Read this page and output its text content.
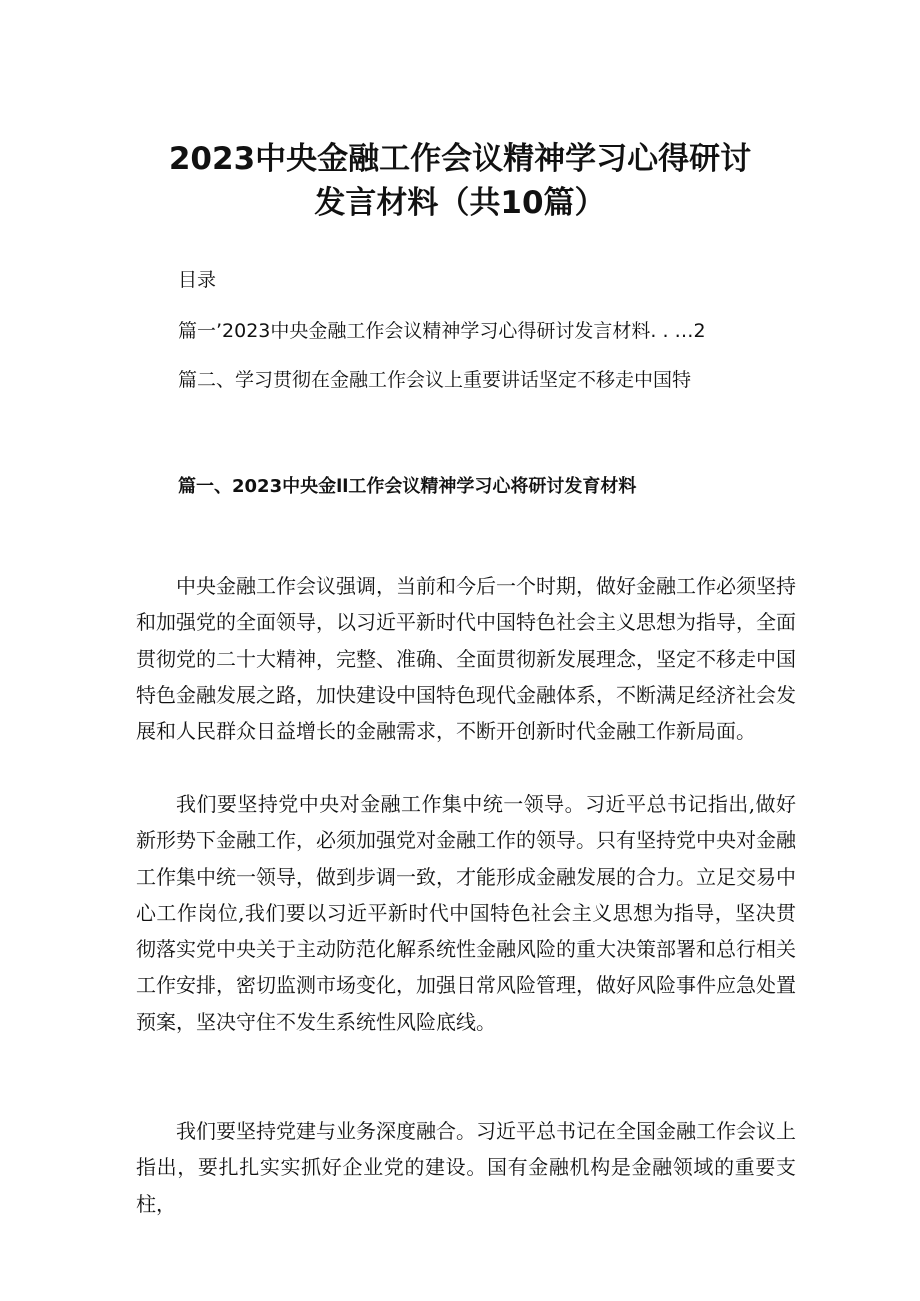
2023中央金融工作会议精神学习心得研讨
发言材料（共10篇）
目录
篇一’2023中央金融工作会议精神学习心得研讨发言材料. . …2
篇二、学习贯彻在金融工作会议上重要讲话坚定不移走中国特
篇一、2023中央金ll工作会议精神学习心将研讨发育材料

中央金融工作会议强调，当前和今后一个时期，做好金融工作必须坚持和加强党的全面领导，以习近平新时代中国特色社会主义思想为指导，全面贯彻党的二十大精神，完整、准确、全面贯彻新发展理念，坚定不移走中国特色金融发展之路，加快建设中国特色现代金融体系，不断满足经济社会发展和人民群众日益增长的金融需求，不断开创新时代金融工作新局面。

我们要坚持党中央对金融工作集中统一领导。习近平总书记指出,做好新形势下金融工作，必须加强党对金融工作的领导。只有坚持党中央对金融工作集中统一领导，做到步调一致，才能形成金融发展的合力。立足交易中心工作岗位,我们要以习近平新时代中国特色社会主义思想为指导，坚决贯彻落实党中央关于主动防范化解系统性金融风险的重大决策部署和总行相关工作安排，密切监测市场变化，加强日常风险管理，做好风险事件应急处置预案，坚决守住不发生系统性风险底线。

我们要坚持党建与业务深度融合。习近平总书记在全国金融工作会议上指出，要扎扎实实抓好企业党的建设。国有金融机构是金融领域的重要支柱，
